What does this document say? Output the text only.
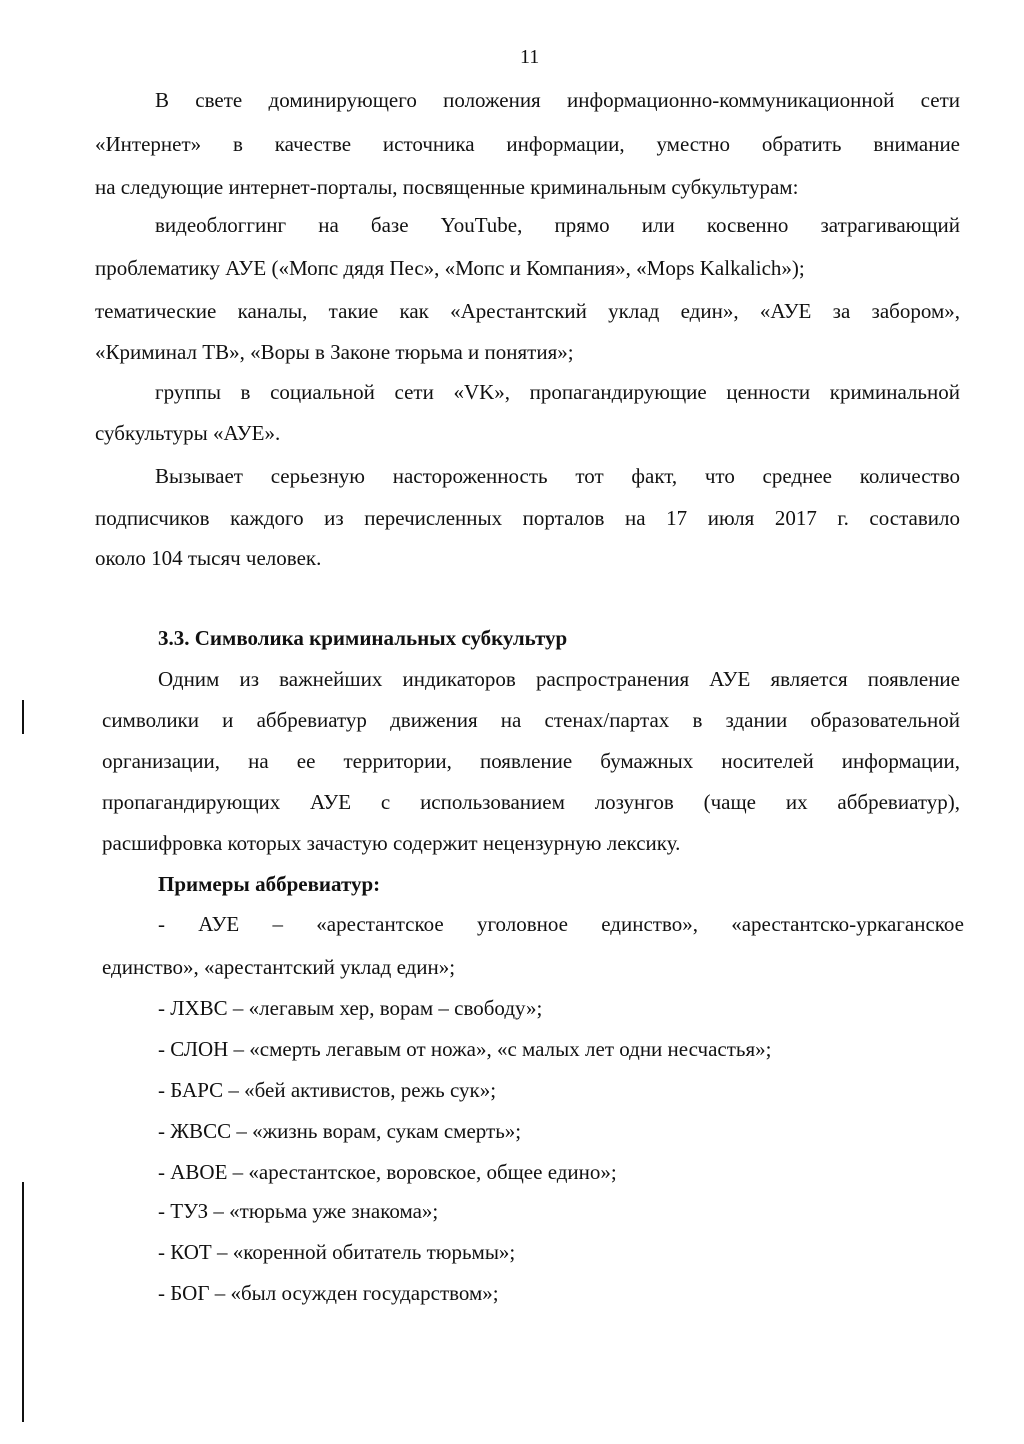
11
В свете доминирующего положения информационно-коммуникационной сети
«Интернет» в качестве источника информации, уместно обратить внимание
на следующие интернет-порталы, посвященные криминальным субкультурам:
видеоблоггинг на базе YouTube, прямо или косвенно затрагивающий
проблематику АУЕ («Мопс дядя Пес», «Мопс и Компания», «Mops Kalkalich»);
тематические каналы, такие как «Арестантский уклад един», «АУЕ за забором»,
«Криминал ТВ», «Воры в Законе тюрьма и понятия»;
группы в социальной сети «VK», пропагандирующие ценности криминальной
субкультуры «АУЕ».
Вызывает серьезную настороженность тот факт, что среднее количество
подписчиков каждого из перечисленных порталов на 17 июля 2017 г. составило
около 104 тысяч человек.
3.3. Символика криминальных субкультур
Одним из важнейших индикаторов распространения АУЕ является появление
символики и аббревиатур движения на стенах/партах в здании образовательной
организации, на ее территории, появление бумажных носителей информации,
пропагандирующих АУЕ с использованием лозунгов (чаще их аббревиатур),
расшифровка которых зачастую содержит нецензурную лексику.
Примеры аббревиатур:
- АУЕ – «арестантское уголовное единство», «арестантско-уркаганское
единство», «арестантский уклад един»;
- ЛХВС – «легавым хер, ворам – свободу»;
- СЛОН – «смерть легавым от ножа», «с малых лет одни несчастья»;
- БАРС – «бей активистов, режь сук»;
- ЖВСС – «жизнь ворам, сукам смерть»;
- АВОЕ – «арестантское, воровское, общее едино»;
- ТУЗ – «тюрьма уже знакома»;
- КОТ – «коренной обитатель тюрьмы»;
- БОГ – «был осужден государством»;
